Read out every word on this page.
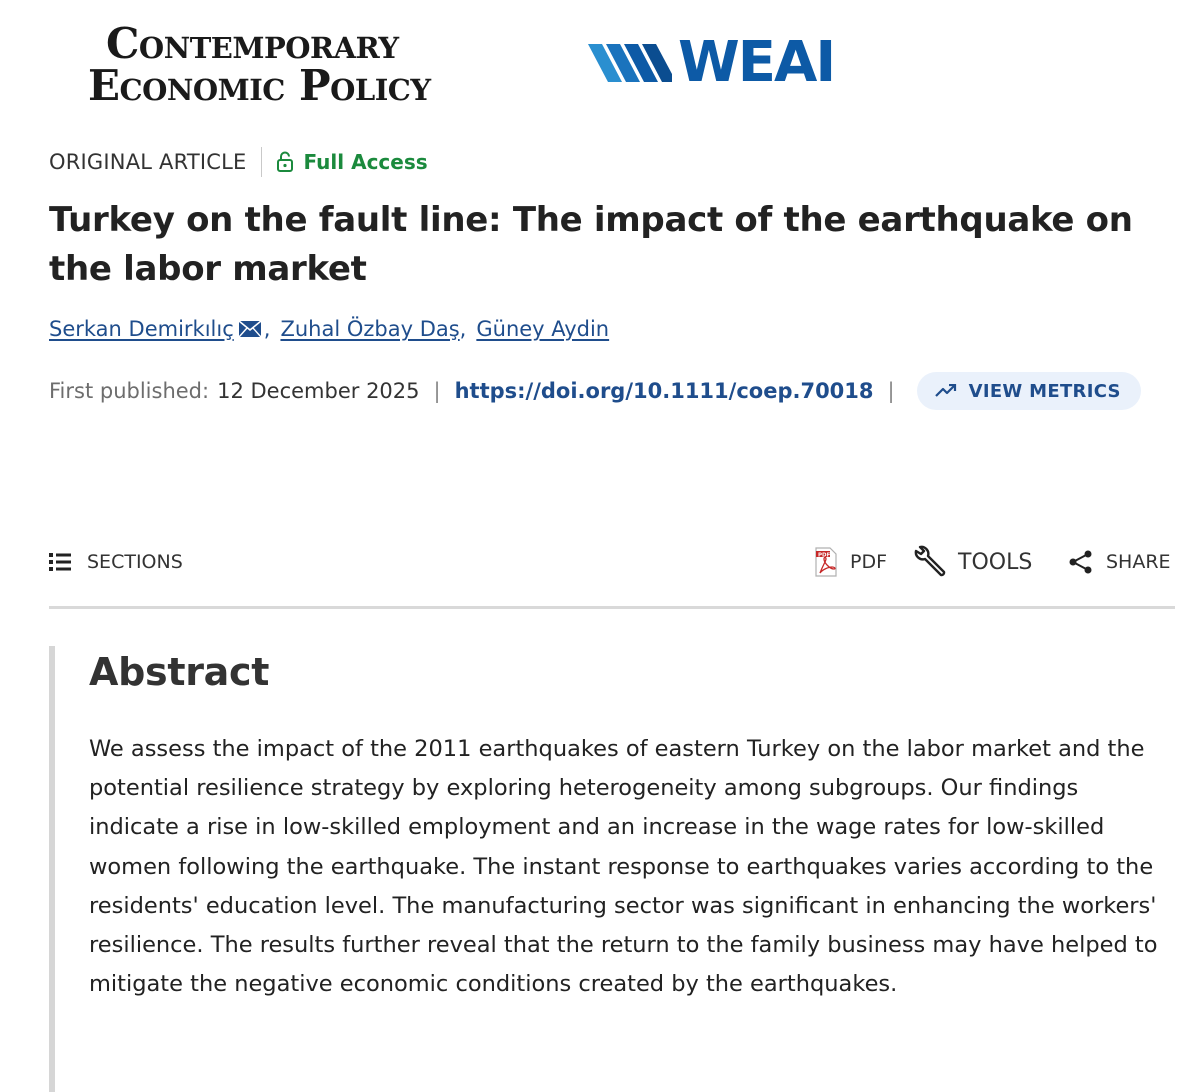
Contemporary
Economic Policy	WEAI
ORIGINAL ARTICLE	Full Access
Turkey on the fault line: The impact of the earthquake on the labor market
Serkan Demirkılıç , Zuhal Özbay Daş , Güney Aydin
First published: 12 December 2025 | https://doi.org/10.1111/coep.70018 |	VIEW METRICS
SECTIONS	PDF PDF	TOOLS	SHARE
Abstract

We assess the impact of the 2011 earthquakes of eastern Turkey on the labor market and the potential resilience strategy by exploring heterogeneity among subgroups. Our findings indicate a rise in low-skilled employment and an increase in the wage rates for low-skilled women following the earthquake. The instant response to earthquakes varies according to the residents' education level. The manufacturing sector was significant in enhancing the workers' resilience. The results further reveal that the return to the family business may have helped to mitigate the negative economic conditions created by the earthquakes.
